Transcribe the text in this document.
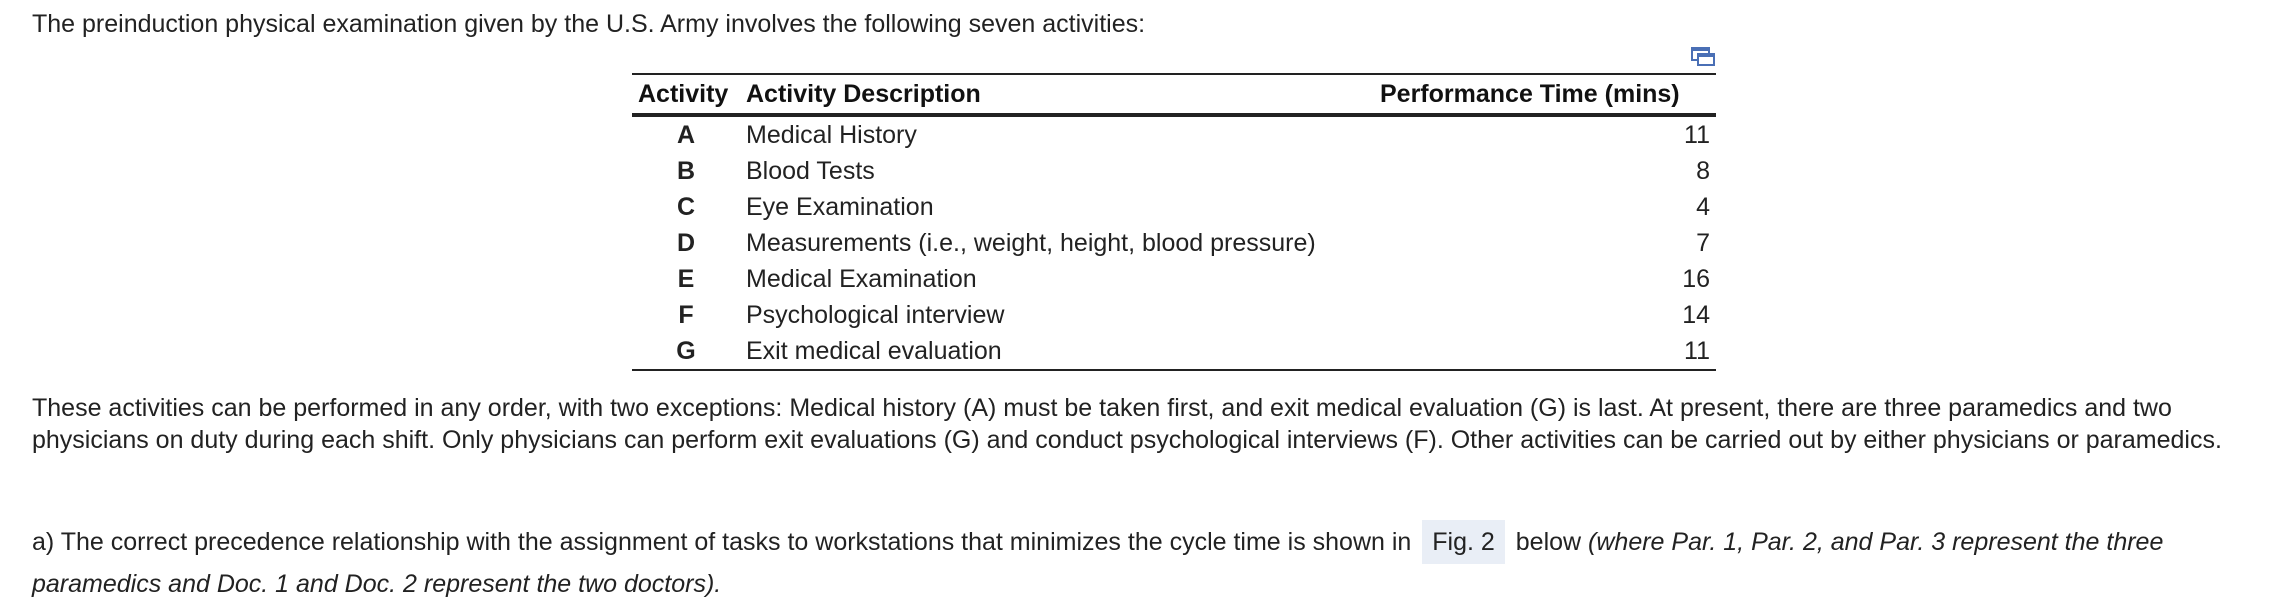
The preinduction physical examination given by the U.S. Army involves the following seven activities:
Activity	Activity Description	Performance Time (mins)
A	Medical History	11
B	Blood Tests	8
C	Eye Examination	4
D	Measurements (i.e., weight, height, blood pressure)	7
E	Medical Examination	16
F	Psychological interview	14
G	Exit medical evaluation	11
These activities can be performed in any order, with two exceptions: Medical history (A) must be taken first, and exit medical evaluation (G) is last. At present, there are three paramedics and two physicians on duty during each shift. Only physicians can perform exit evaluations (G) and conduct psychological interviews (F). Other activities can be carried out by either physicians or paramedics.
a) The correct precedence relationship with the assignment of tasks to workstations that minimizes the cycle time is shown in Fig. 2 below (where Par. 1, Par. 2, and Par. 3 represent the three paramedics and Doc. 1 and Doc. 2 represent the two doctors).
